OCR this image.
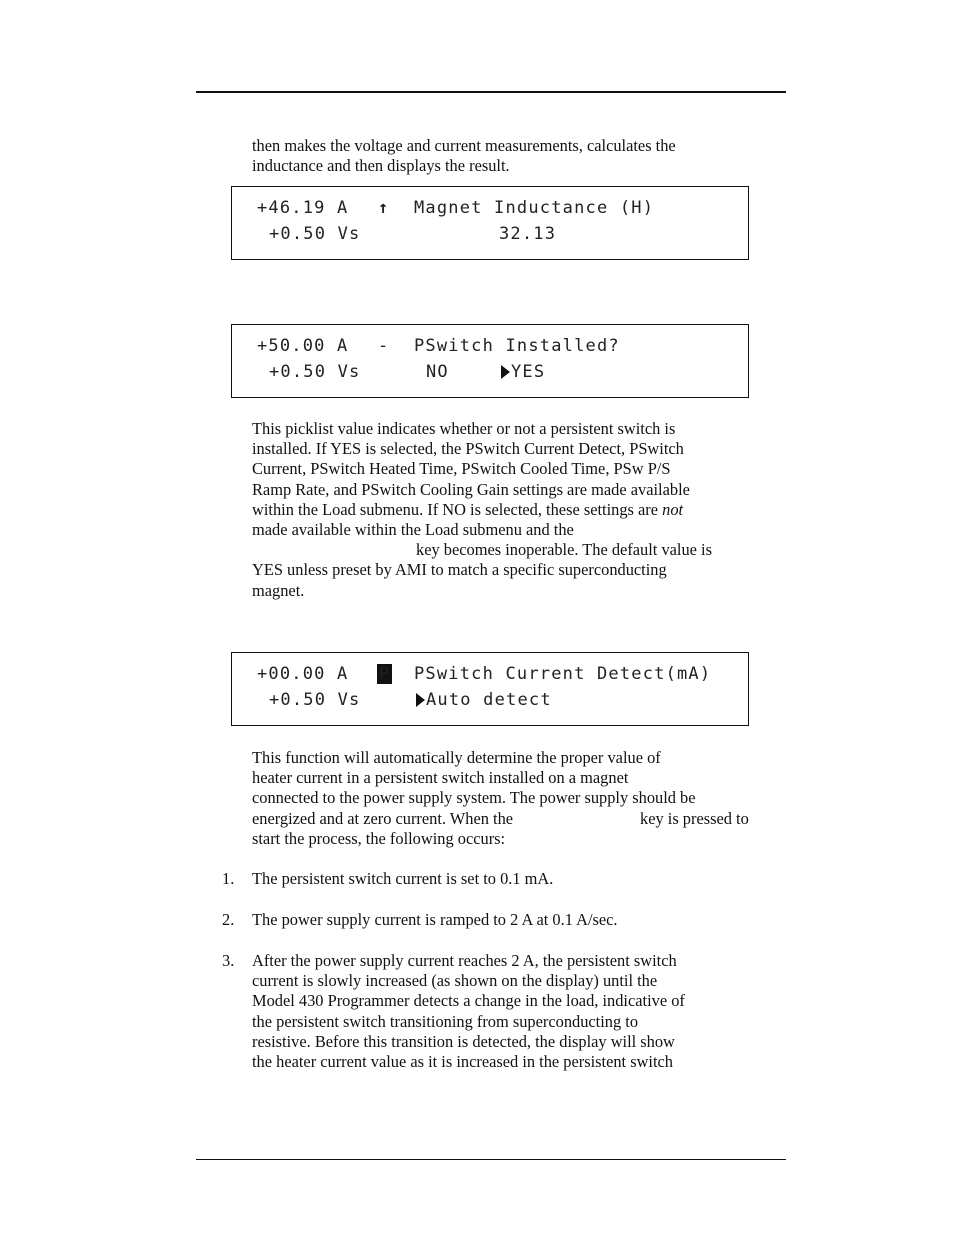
then makes the voltage and current measurements, calculates the

inductance and then displays the result.

+46.19 A ↑ Magnet Inductance (H)
+0.50 Vs	32.13
+50.00 A - PSwitch Installed?
+0.50 Vs	NO	YES

This picklist value indicates whether or not a persistent switch is

installed. If YES is selected, the PSwitch Current Detect, PSwitch

Current, PSwitch Heated Time, PSwitch Cooled Time, PSw P/S

Ramp Rate, and PSwitch Cooling Gain settings are made available

within the Load submenu. If NO is selected, these settings are not

made available within the Load submenu and the

key becomes inoperable. The default value is

YES unless preset by AMI to match a specific superconducting

magnet.

+00.00 A P PSwitch Current Detect(mA)
+0.50 Vs	Auto detect

This function will automatically determine the proper value of

heater current in a persistent switch installed on a magnet

connected to the power supply system. The power supply should be

energized and at zero current. When the	key is pressed to

start the process, the following occurs:

1. The persistent switch current is set to 0.1 mA.

2. The power supply current is ramped to 2 A at 0.1 A/sec.

3. After the power supply current reaches 2 A, the persistent switch

current is slowly increased (as shown on the display) until the

Model 430 Programmer detects a change in the load, indicative of

the persistent switch transitioning from superconducting to

resistive. Before this transition is detected, the display will show

the heater current value as it is increased in the persistent switch
